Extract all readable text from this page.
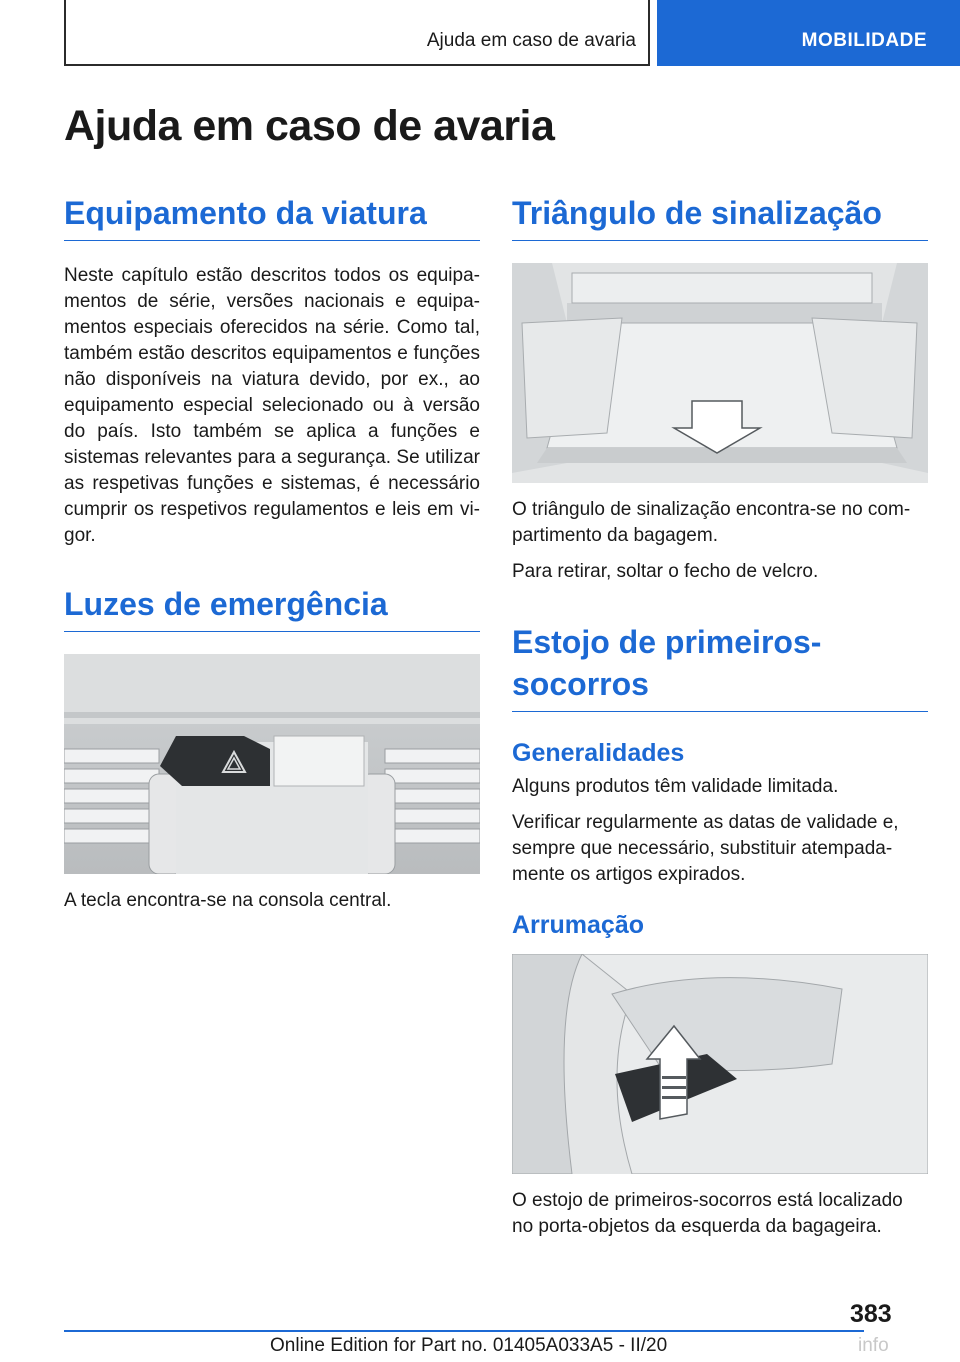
Ajuda em caso de avaria	MOBILIDADE
Ajuda em caso de avaria
Equipamento da viatura

Neste capítulo estão descritos todos os equipamentos de série, versões nacionais e equipamentos especiais oferecidos na série. Como tal, também estão descritos equipamentos e funções não disponíveis na viatura devido, por ex., ao equipamento especial selecionado ou à versão do país. Isto também se aplica a funções e sistemas relevantes para a segurança. Se utilizar as respetivas funções e sistemas, é necessário cumprir os respetivos regulamentos e leis em vigor.

Luzes de emergência

A tecla encontra-se na consola central.

Triângulo de sinalização

O triângulo de sinalização encontra-se no compartimento da bagagem.

Para retirar, soltar o fecho de velcro.

Estojo de primeiros-
socorros
Generalidades

Alguns produtos têm validade limitada.

Verificar regularmente as datas de validade e, sempre que necessário, substituir atempadamente os artigos expirados.

Arrumação

O estojo de primeiros-socorros está localizado no porta-objetos da esquerda da bagageira.

383
Online Edition for Part no. 01405A033A5 - II/20	info
